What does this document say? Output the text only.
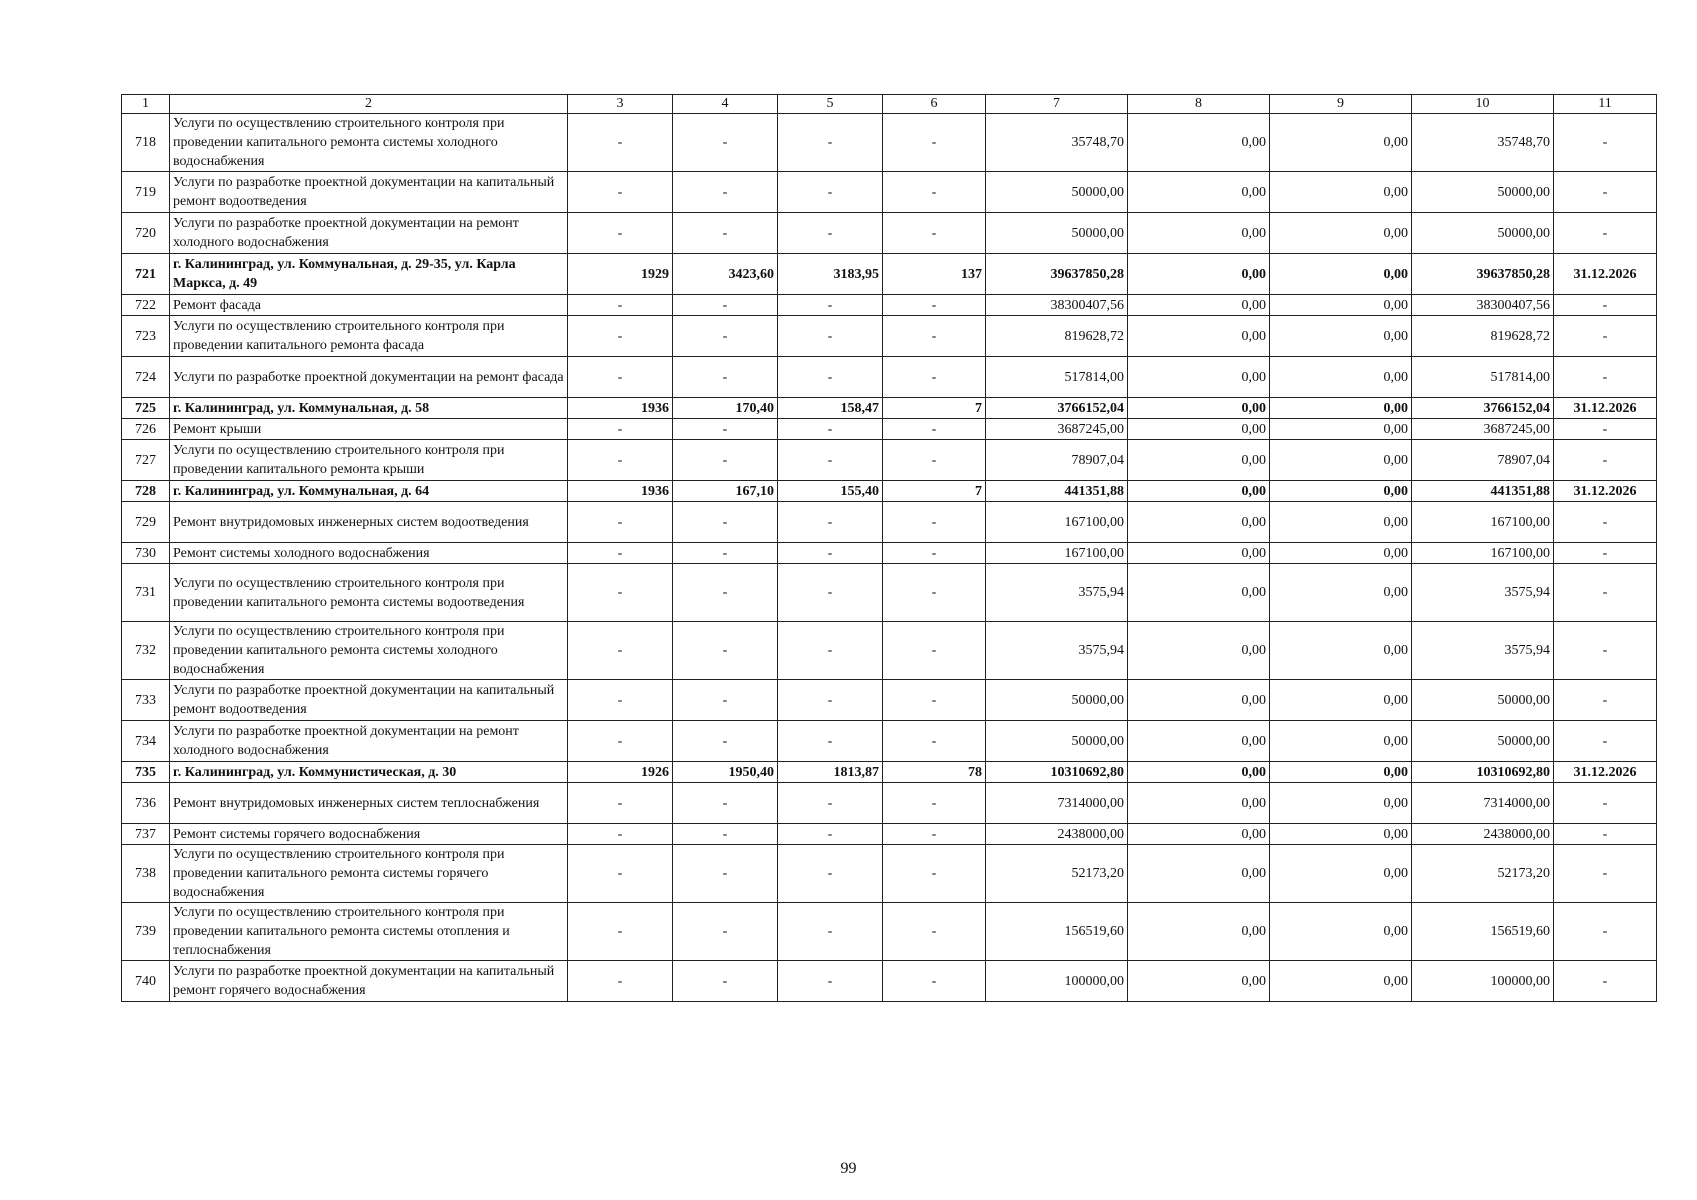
1	2	3	4	5	6	7	8	9	10	11
718	Услуги по осуществлению строительного контроля при проведении капитального ремонта системы холодного водоснабжения	-	-	-	-	35748,70	0,00	0,00	35748,70	-
719	Услуги по разработке проектной документации на капитальный ремонт водоотведения	-	-	-	-	50000,00	0,00	0,00	50000,00	-
720	Услуги по разработке проектной документации на ремонт холодного водоснабжения	-	-	-	-	50000,00	0,00	0,00	50000,00	-
721	г. Калининград, ул. Коммунальная, д. 29-35, ул. Карла Маркса, д. 49	1929	3423,60	3183,95	137	39637850,28	0,00	0,00	39637850,28	31.12.2026
722	Ремонт фасада	-	-	-	-	38300407,56	0,00	0,00	38300407,56	-
723	Услуги по осуществлению строительного контроля при проведении капитального ремонта фасада	-	-	-	-	819628,72	0,00	0,00	819628,72	-
724	Услуги по разработке проектной документации на ремонт фасада	-	-	-	-	517814,00	0,00	0,00	517814,00	-
725	г. Калининград, ул. Коммунальная, д. 58	1936	170,40	158,47	7	3766152,04	0,00	0,00	3766152,04	31.12.2026
726	Ремонт крыши	-	-	-	-	3687245,00	0,00	0,00	3687245,00	-
727	Услуги по осуществлению строительного контроля при проведении капитального ремонта крыши	-	-	-	-	78907,04	0,00	0,00	78907,04	-
728	г. Калининград, ул. Коммунальная, д. 64	1936	167,10	155,40	7	441351,88	0,00	0,00	441351,88	31.12.2026
729	Ремонт внутридомовых инженерных систем водоотведения	-	-	-	-	167100,00	0,00	0,00	167100,00	-
730	Ремонт системы холодного водоснабжения	-	-	-	-	167100,00	0,00	0,00	167100,00	-
731	Услуги по осуществлению строительного контроля при проведении капитального ремонта системы водоотведения	-	-	-	-	3575,94	0,00	0,00	3575,94	-
732	Услуги по осуществлению строительного контроля при проведении капитального ремонта системы холодного водоснабжения	-	-	-	-	3575,94	0,00	0,00	3575,94	-
733	Услуги по разработке проектной документации на капитальный ремонт водоотведения	-	-	-	-	50000,00	0,00	0,00	50000,00	-
734	Услуги по разработке проектной документации на ремонт холодного водоснабжения	-	-	-	-	50000,00	0,00	0,00	50000,00	-
735	г. Калининград, ул. Коммунистическая, д. 30	1926	1950,40	1813,87	78	10310692,80	0,00	0,00	10310692,80	31.12.2026
736	Ремонт внутридомовых инженерных систем теплоснабжения	-	-	-	-	7314000,00	0,00	0,00	7314000,00	-
737	Ремонт системы горячего водоснабжения	-	-	-	-	2438000,00	0,00	0,00	2438000,00	-
738	Услуги по осуществлению строительного контроля при проведении капитального ремонта системы горячего водоснабжения	-	-	-	-	52173,20	0,00	0,00	52173,20	-
739	Услуги по осуществлению строительного контроля при проведении капитального ремонта системы отопления и теплоснабжения	-	-	-	-	156519,60	0,00	0,00	156519,60	-
740	Услуги по разработке проектной документации на капитальный ремонт горячего водоснабжения	-	-	-	-	100000,00	0,00	0,00	100000,00	-
99
